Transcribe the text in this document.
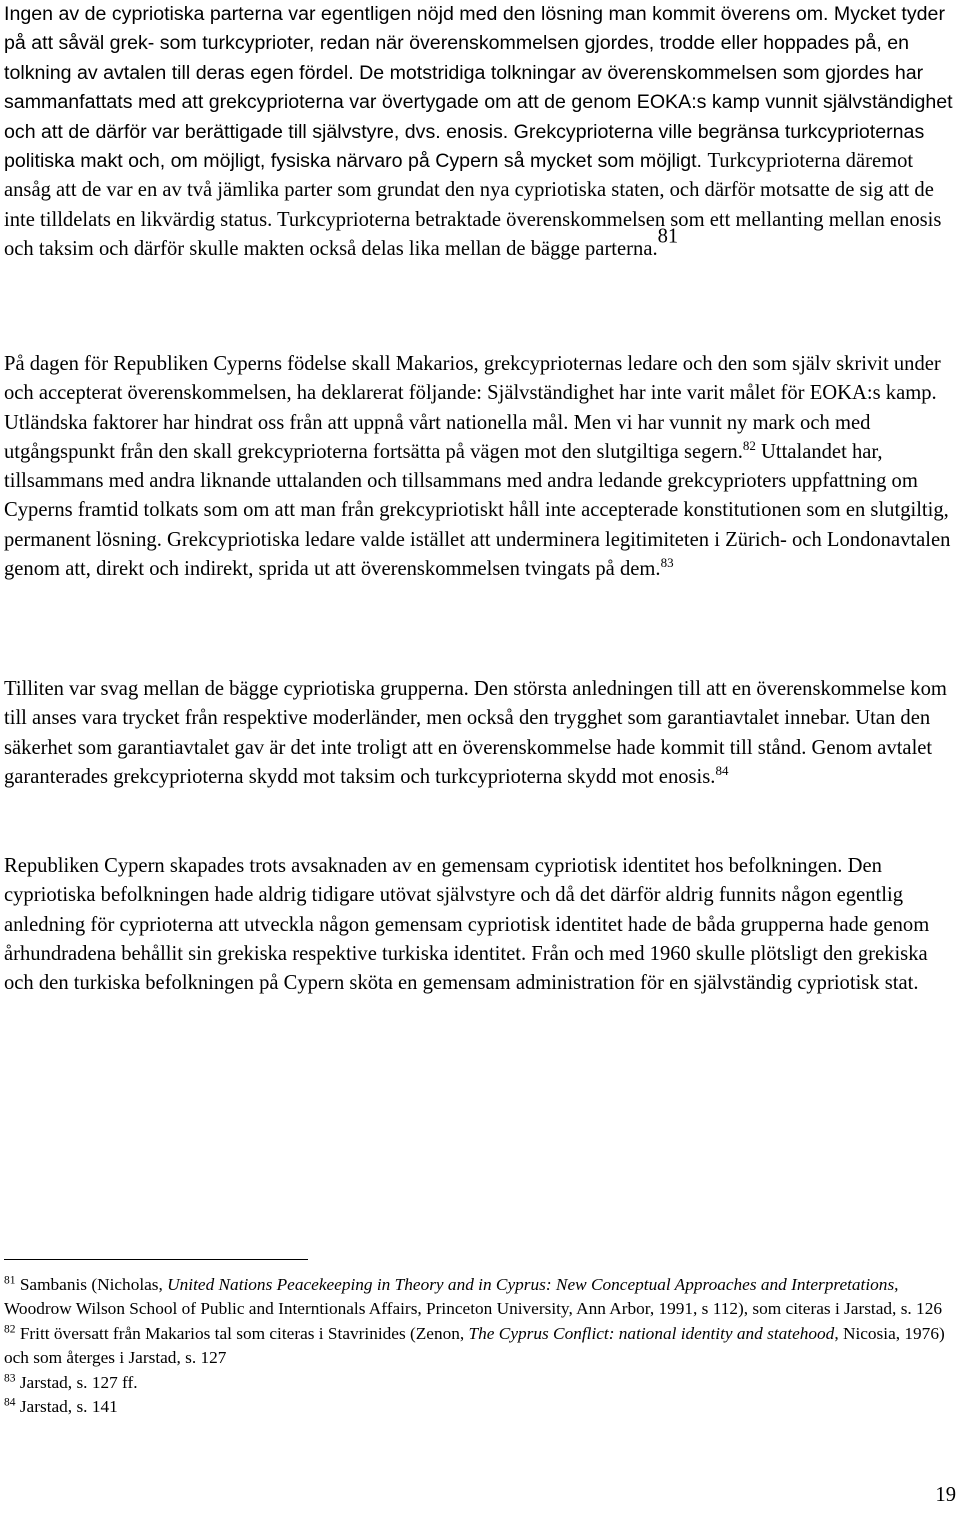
Ingen av de cypriotiska parterna var egentligen nöjd med den lösning man kommit överens om. Mycket tyder på att såväl grek- som turkcyprioter, redan när överenskommelsen gjordes, trodde eller hoppades på, en tolkning av avtalen till deras egen fördel. De motstridiga tolkningar av överenskommelsen som gjordes har sammanfattats med att grekcyprioterna var övertygade om att de genom EOKA:s kamp vunnit självständighet och att de därför var berättigade till självstyre, dvs. enosis. Grekcyprioterna ville begränsa turkcyprioternas politiska makt och, om möjligt, fysiska närvaro på Cypern så mycket som möjligt. Turkcyprioterna däremot ansåg att de var en av två jämlika parter som grundat den nya cypriotiska staten, och därför motsatte de sig att de inte tilldelats en likvärdig status. Turkcyprioterna betraktade överenskommelsen som ett mellanting mellan enosis och taksim och därför skulle makten också delas lika mellan de bägge parterna.$^{81}$
På dagen för Republiken Cyperns födelse skall Makarios, grekcyprioternas ledare och den som själv skrivit under och accepterat överenskommelsen, ha deklarerat följande: Självständighet har inte varit målet för EOKA:s kamp. Utländska faktorer har hindrat oss från att uppnå vårt nationella mål. Men vi har vunnit ny mark och med utgångspunkt från den skall grekcyprioterna fortsätta på vägen mot den slutgiltiga segern.$^{82}$ Uttalandet har, tillsammans med andra liknande uttalanden och tillsammans med andra ledande grekcyprioters uppfattning om Cyperns framtid tolkats som om att man från grekcypriotiskt håll inte accepterade konstitutionen som en slutgiltig, permanent lösning. Grekcypriotiska ledare valde istället att underminera legitimiteten i Zürich- och Londonavtalen genom att, direkt och indirekt, sprida ut att överenskommelsen tvingats på dem.$^{83}$
Tilliten var svag mellan de bägge cypriotiska grupperna. Den största anledningen till att en överenskommelse kom till anses vara trycket från respektive moderländer, men också den trygghet som garantiavtalet innebar. Utan den säkerhet som garantiavtalet gav är det inte troligt att en överenskommelse hade kommit till stånd. Genom avtalet garanterades grekcyprioterna skydd mot taksim och turkcyprioterna skydd mot enosis.$^{84}$
Republiken Cypern skapades trots avsaknaden av en gemensam cypriotisk identitet hos befolkningen. Den cypriotiska befolkningen hade aldrig tidigare utövat självstyre och då det därför aldrig funnits någon egentlig anledning för cyprioterna att utveckla någon gemensam cypriotisk identitet hade de båda grupperna hade genom århundradena behållit sin grekiska respektive turkiska identitet. Från och med 1960 skulle plötsligt den grekiska och den turkiska befolkningen på Cypern sköta en gemensam administration för en självständig cypriotisk stat.
$^{81}$ Sambanis (Nicholas, United Nations Peacekeeping in Theory and in Cyprus: New Conceptual Approaches and Interpretations, Woodrow Wilson School of Public and Interntionals Affairs, Princeton University, Ann Arbor, 1991, s 112), som citeras i Jarstad, s. 126
$^{82}$ Fritt översatt från Makarios tal som citeras i Stavrinides (Zenon, The Cyprus Conflict: national identity and statehood, Nicosia, 1976) och som återges i Jarstad, s. 127
$^{83}$ Jarstad, s. 127 ff.
$^{84}$ Jarstad, s. 141
19
